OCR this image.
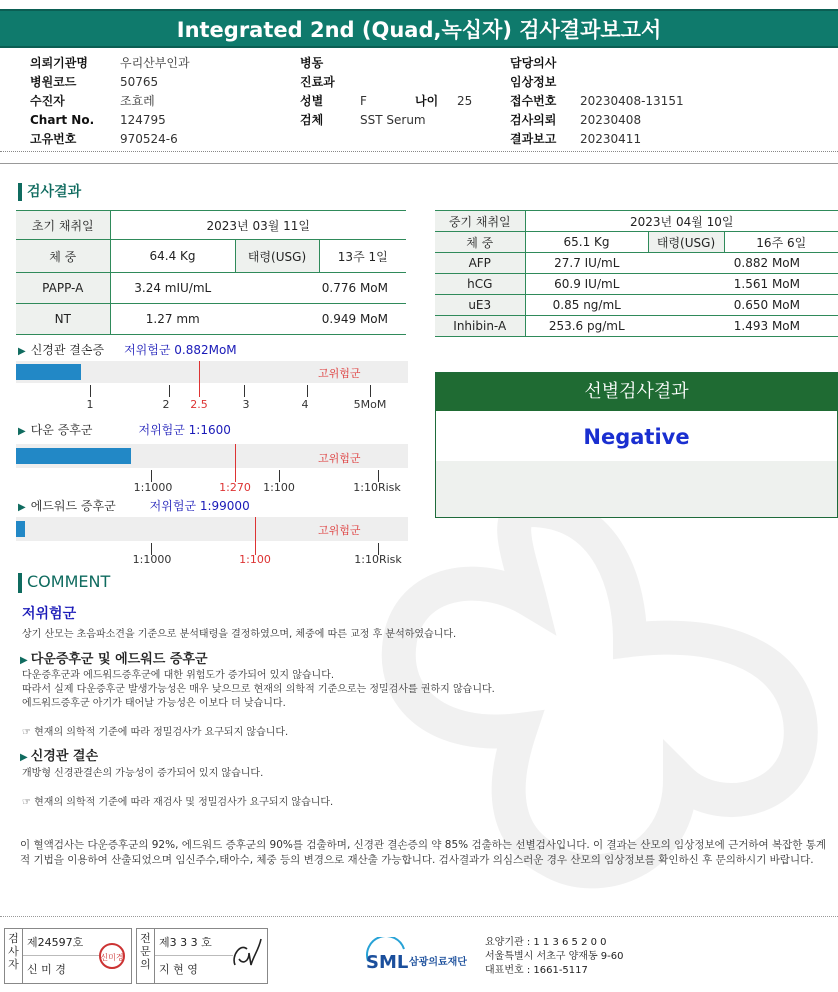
Integrated 2nd (Quad,녹십자) 검사결과보고서
의뢰기관명	우리산부인과
병원코드	50765
수진자	조효레
Chart No. 124795
고유번호	970524-6
병동
진료과
성별	F	나이 25
검체	SST Serum
담당의사
임상정보
접수번호 20230408-13151
검사의뢰 20230408
결과보고 20230411
검사결과
초기 채취일	2023년 03월 11일		
체 중	64.4 Kg	태령(USG)	13주 1일
PAPP-A	3.24 mIU/mL	0.776 MoM	
NT	1.27 mm	0.949 MoM	
중기 채취일	2023년 04월 10일		
체 중	65.1 Kg	태령(USG)	16주 6일
AFP	27.7 IU/mL	0.882 MoM	
hCG	60.9 IU/mL	1.561 MoM	
uE3	0.85 ng/mL	0.650 MoM	
Inhibin-A	253.6 pg/mL	1.493 MoM	
▶ 신경관 결손증 저위험군 0.882MoM
고위험군
1	2 2.5	3	4	5MoM
▶ 다운 증후군	저위험군 1:1600
고위험군
1:1000	1:270 1:100	1:10Risk
▶ 에드워드 증후군	저위험군 1:99000
고위험군
1:1000	1:100	1:10Risk
선별검사결과
Negative
COMMENT
저위험군
상기 산모는 초음파소견을 기준으로 분석태령을 결정하였으며, 체중에 따른 교정 후 분석하였습니다.
▶ 다운증후군 및 에드워드 증후군
다운증후군과 에드워드증후군에 대한 위험도가 증가되어 있지 않습니다.
따라서 실제 다운증후군 발생가능성은 매우 낮으므로 현재의 의학적 기준으로는 정밀검사를 권하지 않습니다.
에드워드증후군 아기가 태어날 가능성은 이보다 더 낮습니다.
☞ 현재의 의학적 기준에 따라 정밀검사가 요구되지 않습니다.
▶ 신경관 결손
개방형 신경관결손의 가능성이 증가되어 있지 않습니다.
☞ 현재의 의학적 기준에 따라 재검사 및 정밀검사가 요구되지 않습니다.
이 혈액검사는 다운증후군의 92%, 에드워드 증후군의 90%를 검출하며, 신경관 결손증의 약 85% 검출하는 선별검사입니다. 이 결과는 산모의 임상정보에 근거하여 복잡한 통계적 기법을 이용하여 산출되었으며 임신주수,태아수, 체중 등의 변경으로 재산출 가능합니다. 검사결과가 의심스러운 경우 산모의 임상정보를 확인하신 후 문의하시기 바랍니다.
검사자
제24597호
신 미 경
신미경
전문의
제3 3 3 호
지 현 영	SML 삼광의료재단
요양기관 : 1 1 3 6 5 2 0 0
서울특별시 서초구 양재동 9-60
대표번호 : 1661-5117
